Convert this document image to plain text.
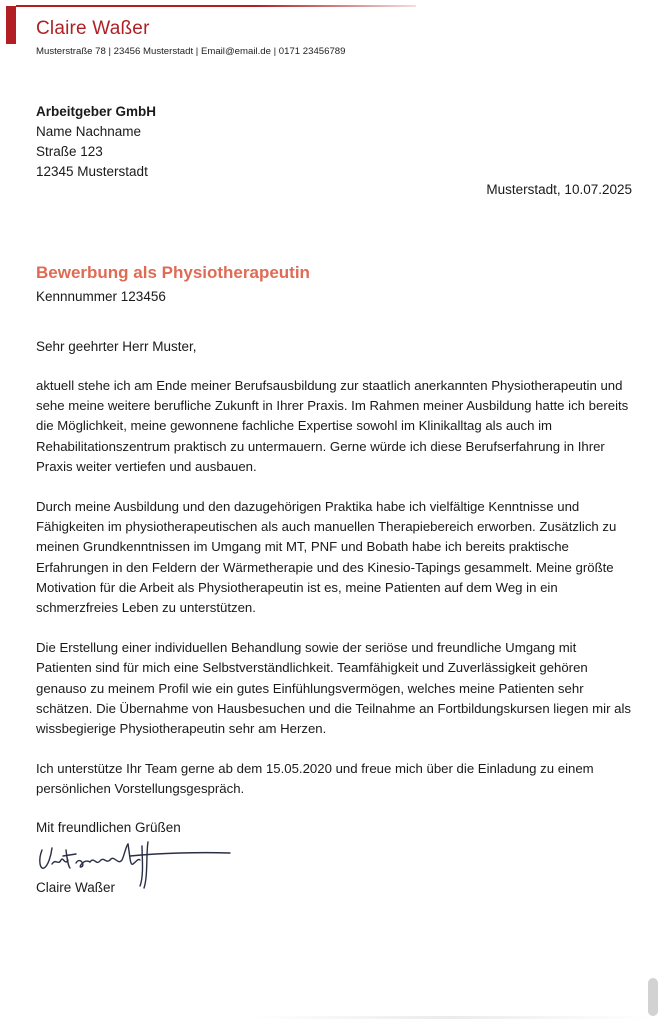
Claire Waßer
Musterstraße 78 | 23456 Musterstadt | Email@email.de | 0171 23456789
Arbeitgeber GmbH
Name Nachname
Straße 123
12345 Musterstadt
Musterstadt, 10.07.2025
Bewerbung als Physiotherapeutin
Kennnummer 123456
Sehr geehrter Herr Muster,

aktuell stehe ich am Ende meiner Berufsausbildung zur staatlich anerkannten Physiotherapeutin und sehe meine weitere berufliche Zukunft in Ihrer Praxis. Im Rahmen meiner Ausbildung hatte ich bereits die Möglichkeit, meine gewonnene fachliche Expertise sowohl im Klinikalltag als auch im Rehabilitationszentrum praktisch zu untermauern. Gerne würde ich diese Berufserfahrung in Ihrer Praxis weiter vertiefen und ausbauen.

Durch meine Ausbildung und den dazugehörigen Praktika habe ich vielfältige Kenntnisse und Fähigkeiten im physiotherapeutischen als auch manuellen Therapiebereich erworben. Zusätzlich zu meinen Grundkenntnissen im Umgang mit MT, PNF und Bobath habe ich bereits praktische Erfahrungen in den Feldern der Wärmetherapie und des Kinesio-Tapings gesammelt. Meine größte Motivation für die Arbeit als Physiotherapeutin ist es, meine Patienten auf dem Weg in ein schmerzfreies Leben zu unterstützen.

Die Erstellung einer individuellen Behandlung sowie der seriöse und freundliche Umgang mit Patienten sind für mich eine Selbstverständlichkeit. Teamfähigkeit und Zuverlässigkeit gehören genauso zu meinem Profil wie ein gutes Einfühlungsvermögen, welches meine Patienten sehr schätzen. Die Übernahme von Hausbesuchen und die Teilnahme an Fortbildungskursen liegen mir als wissbegierige Physiotherapeutin sehr am Herzen.

Ich unterstütze Ihr Team gerne ab dem 15.05.2020 und freue mich über die Einladung zu einem persönlichen Vorstellungsgespräch.

Mit freundlichen Grüßen
Claire Waßer
